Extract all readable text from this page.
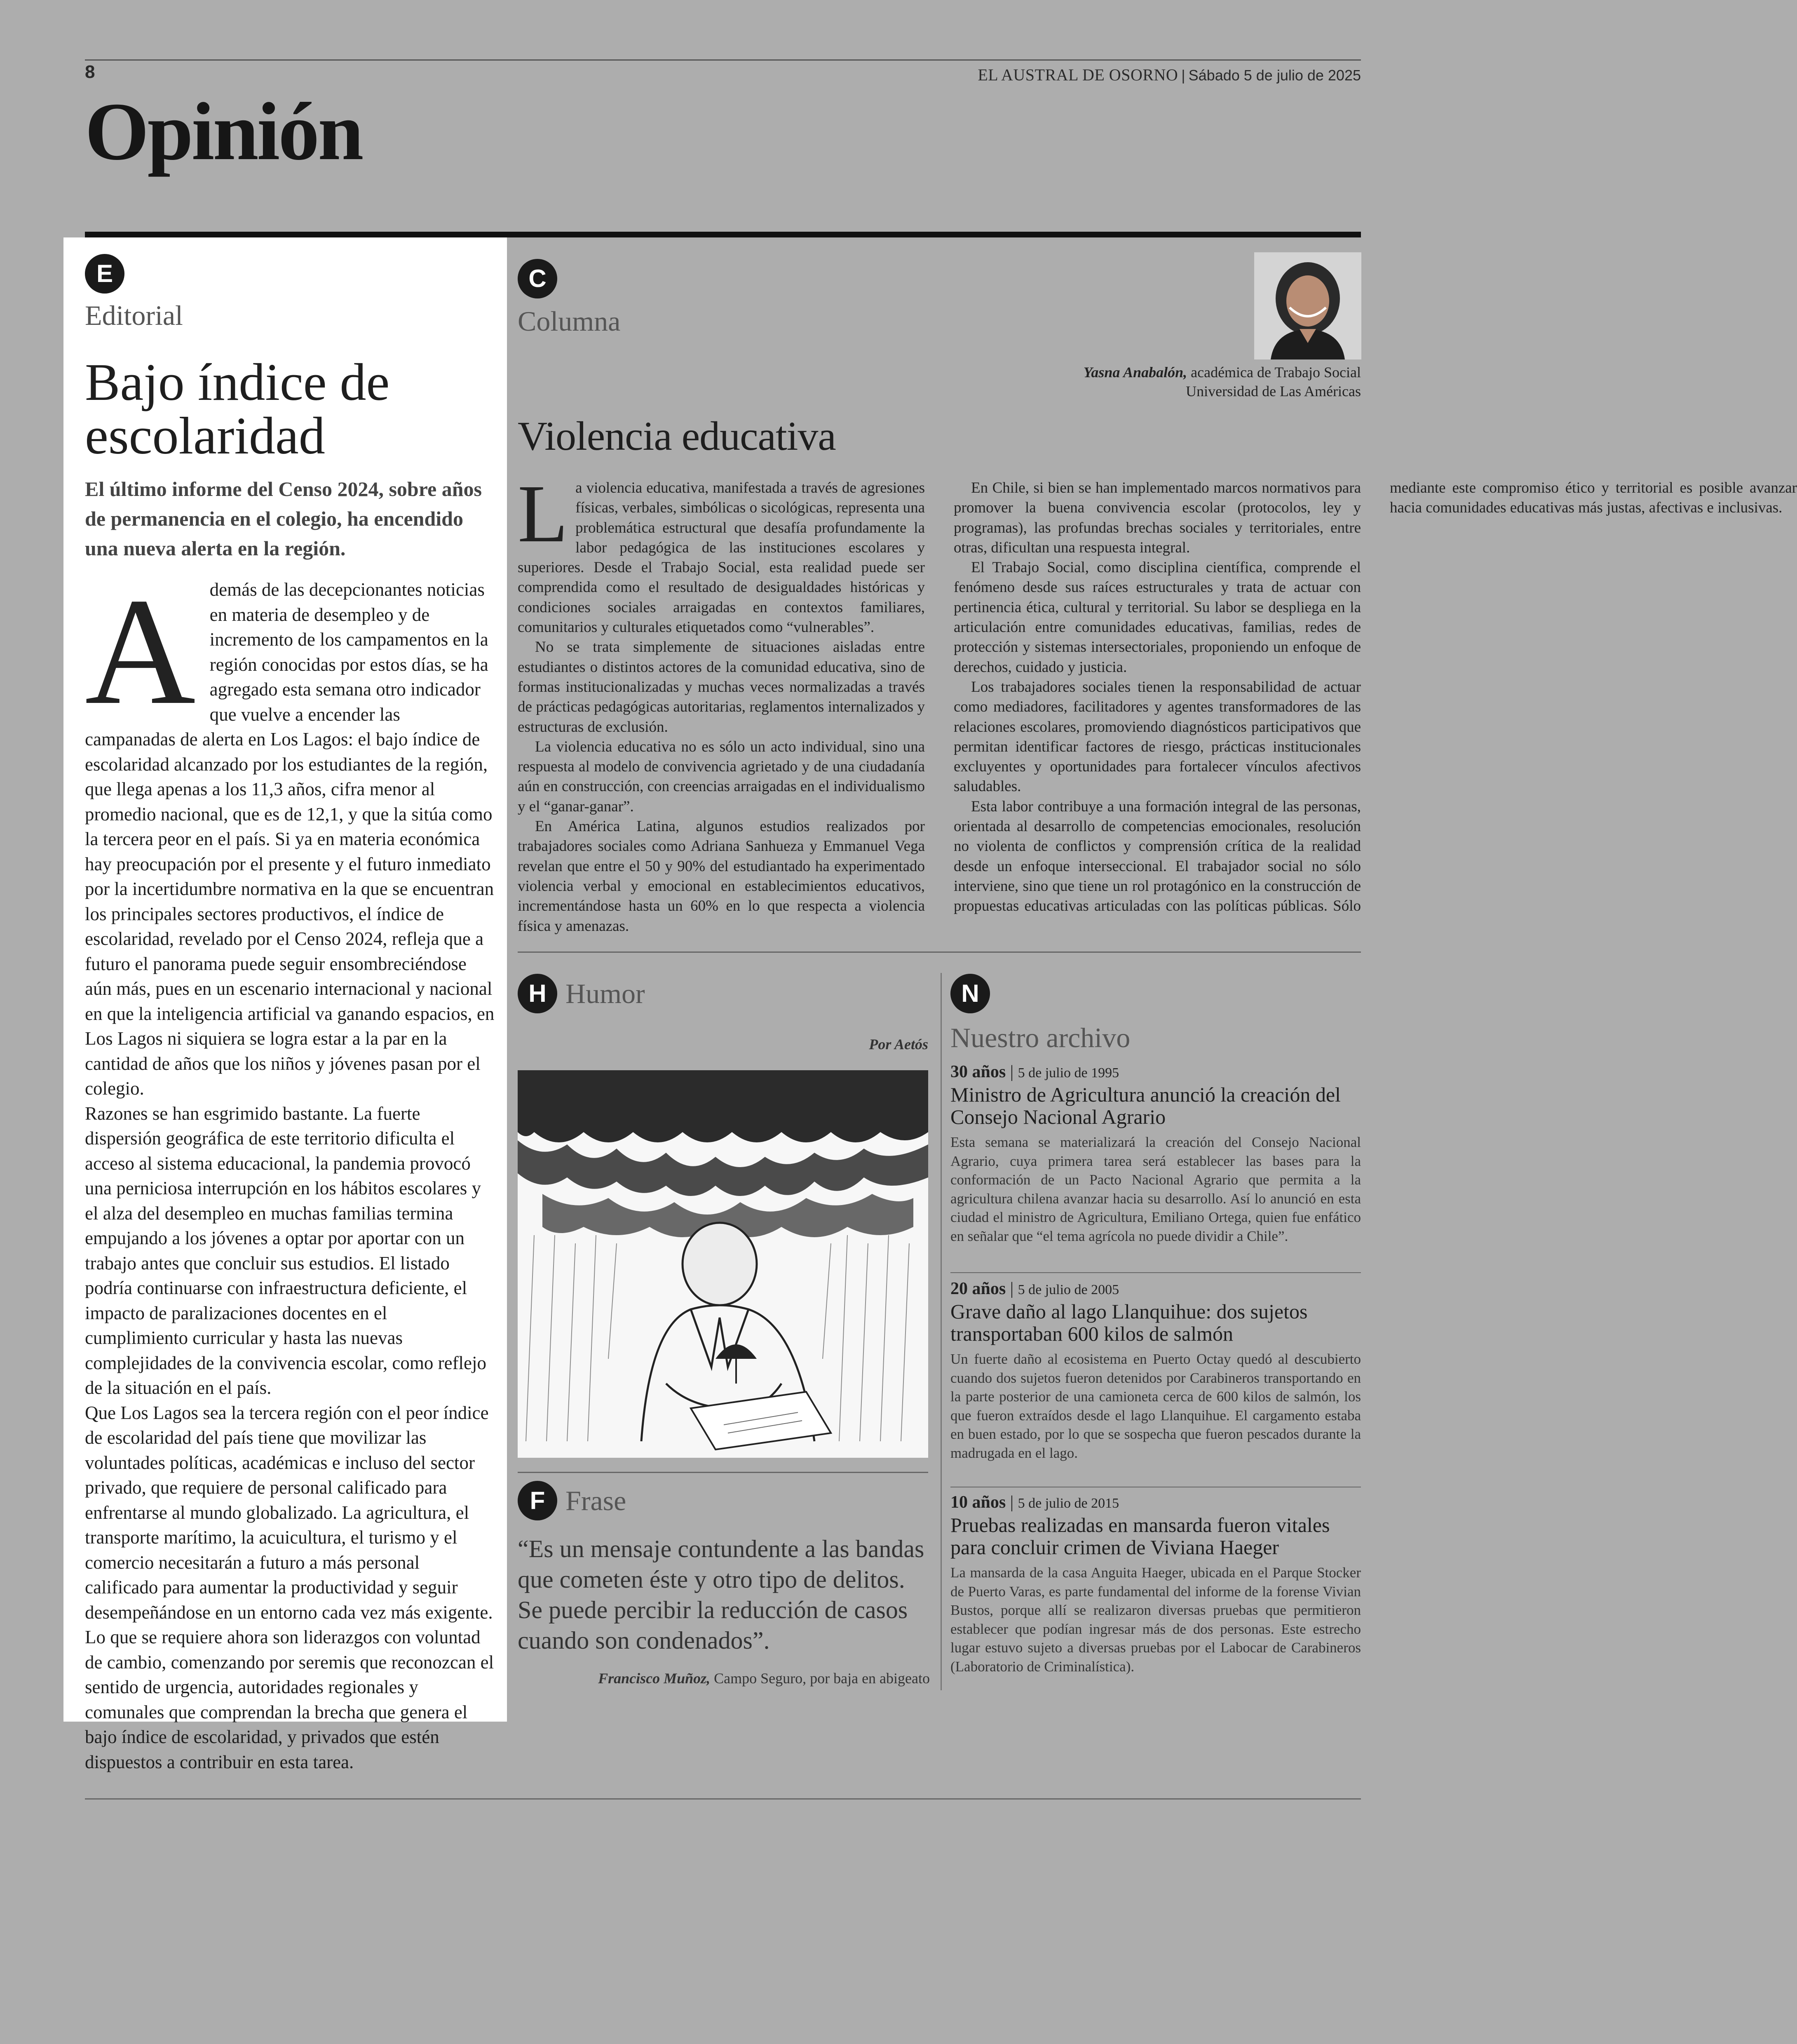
8	EL AUSTRAL DE OSORNO | Sábado 5 de julio de 2025
Opinión
E
Editorial
Bajo índice de escolaridad
El último informe del Censo 2024, sobre años de permanencia en el colegio, ha encendido una nueva alerta en la región.

Además de las decepcionantes noticias en materia de desempleo y de incremento de los campamentos en la región conocidas por estos días, se ha agregado esta semana otro indicador que vuelve a encender las campanadas de alerta en Los Lagos: el bajo índice de escolaridad alcanzado por los estudiantes de la región, que llega apenas a los 11,3 años, cifra menor al promedio nacional, que es de 12,1, y que la sitúa como la tercera peor en el país. Si ya en materia económica hay preocupación por el presente y el futuro inmediato por la incertidumbre normativa en la que se encuentran los principales sectores productivos, el índice de escolaridad, revelado por el Censo 2024, refleja que a futuro el panorama puede seguir ensombreciéndose aún más, pues en un escenario internacional y nacional en que la inteligencia artificial va ganando espacios, en Los Lagos ni siquiera se logra estar a la par en la cantidad de años que los niños y jóvenes pasan por el colegio.

Razones se han esgrimido bastante. La fuerte dispersión geográfica de este territorio dificulta el acceso al sistema educacional, la pandemia provocó una perniciosa interrupción en los hábitos escolares y el alza del desempleo en muchas familias termina empujando a los jóvenes a optar por aportar con un trabajo antes que concluir sus estudios. El listado podría continuarse con infraestructura deficiente, el impacto de paralizaciones docentes en el cumplimiento curricular y hasta las nuevas complejidades de la convivencia escolar, como reflejo de la situación en el país.

Que Los Lagos sea la tercera región con el peor índice de escolaridad del país tiene que movilizar las voluntades políticas, académicas e incluso del sector privado, que requiere de personal calificado para enfrentarse al mundo globalizado. La agricultura, el transporte marítimo, la acuicultura, el turismo y el comercio necesitarán a futuro a más personal calificado para aumentar la productividad y seguir desempeñándose en un entorno cada vez más exigente.

Lo que se requiere ahora son liderazgos con voluntad de cambio, comenzando por seremis que reconozcan el sentido de urgencia, autoridades regionales y comunales que comprendan la brecha que genera el bajo índice de escolaridad, y privados que estén dispuestos a contribuir en esta tarea.

C
Columna
Yasna Anabalón, académica de Trabajo Social
Universidad de Las Américas
Violencia educativa

La violencia educativa, manifestada a través de agresiones físicas, verbales, simbólicas o sicológicas, representa una problemática estructural que desafía profundamente la labor pedagógica de las instituciones escolares y superiores. Desde el Trabajo Social, esta realidad puede ser comprendida como el resultado de desigualdades históricas y condiciones sociales arraigadas en contextos familiares, comunitarios y culturales etiquetados como “vulnerables”.

No se trata simplemente de situaciones aisladas entre estudiantes o distintos actores de la comunidad educativa, sino de formas institucionalizadas y muchas veces normalizadas a través de prácticas pedagógicas autoritarias, reglamentos internalizados y estructuras de exclusión.

La violencia educativa no es sólo un acto individual, sino una respuesta al modelo de convivencia agrietado y de una ciudadanía aún en construcción, con creencias arraigadas en el individualismo y el “ganar-ganar”.

En América Latina, algunos estudios realizados por trabajadores sociales como Adriana Sanhueza y Emmanuel Vega revelan que entre el 50 y 90% del estudiantado ha experimentado violencia verbal y emocional en establecimientos educativos, incrementándose hasta un 60% en lo que respecta a violencia física y amenazas.

En Chile, si bien se han implementado marcos normativos para promover la buena convivencia escolar (protocolos, ley y programas), las profundas brechas sociales y territoriales, entre otras, dificultan una respuesta integral.

El Trabajo Social, como disciplina científica, comprende el fenómeno desde sus raíces estructurales y trata de actuar con pertinencia ética, cultural y territorial. Su labor se despliega en la articulación entre comunidades educativas, familias, redes de protección y sistemas intersectoriales, proponiendo un enfoque de derechos, cuidado y justicia.

Los trabajadores sociales tienen la responsabilidad de actuar como mediadores, facilitadores y agentes transformadores de las relaciones escolares, promoviendo diagnósticos participativos que permitan identificar factores de riesgo, prácticas institucionales excluyentes y oportunidades para fortalecer vínculos afectivos saludables.

Esta labor contribuye a una formación integral de las personas, orientada al desarrollo de competencias emocionales, resolución no violenta de conflictos y comprensión crítica de la realidad desde un enfoque interseccional. El trabajador social no sólo interviene, sino que tiene un rol protagónico en la construcción de propuestas educativas articuladas con las políticas públicas. Sólo mediante este compromiso ético y territorial es posible avanzar hacia comunidades educativas más justas, afectivas e inclusivas.

H Humor
Por Aetós
F Frase
“Es un mensaje contundente a las bandas que cometen éste y otro tipo de delitos. Se puede percibir la reducción de casos cuando son condenados”.
Francisco Muñoz, Campo Seguro, por baja en abigeato
N
Nuestro archivo
30 años | 5 de julio de 1995
Ministro de Agricultura anunció la creación del Consejo Nacional Agrario
Esta semana se materializará la creación del Consejo Nacional Agrario, cuya primera tarea será establecer las bases para la conformación de un Pacto Nacional Agrario que permita a la agricultura chilena avanzar hacia su desarrollo. Así lo anunció en esta ciudad el ministro de Agricultura, Emiliano Ortega, quien fue enfático en señalar que “el tema agrícola no puede dividir a Chile”.
20 años | 5 de julio de 2005
Grave daño al lago Llanquihue: dos sujetos transportaban 600 kilos de salmón
Un fuerte daño al ecosistema en Puerto Octay quedó al descubierto cuando dos sujetos fueron detenidos por Carabineros transportando en la parte posterior de una camioneta cerca de 600 kilos de salmón, los que fueron extraídos desde el lago Llanquihue. El cargamento estaba en buen estado, por lo que se sospecha que fueron pescados durante la madrugada en el lago.
10 años | 5 de julio de 2015
Pruebas realizadas en mansarda fueron vitales para concluir crimen de Viviana Haeger
La mansarda de la casa Anguita Haeger, ubicada en el Parque Stocker de Puerto Varas, es parte fundamental del informe de la forense Vivian Bustos, porque allí se realizaron diversas pruebas que permitieron establecer que podían ingresar más de dos personas. Este estrecho lugar estuvo sujeto a diversas pruebas por el Labocar de Carabineros (Laboratorio de Criminalística).
